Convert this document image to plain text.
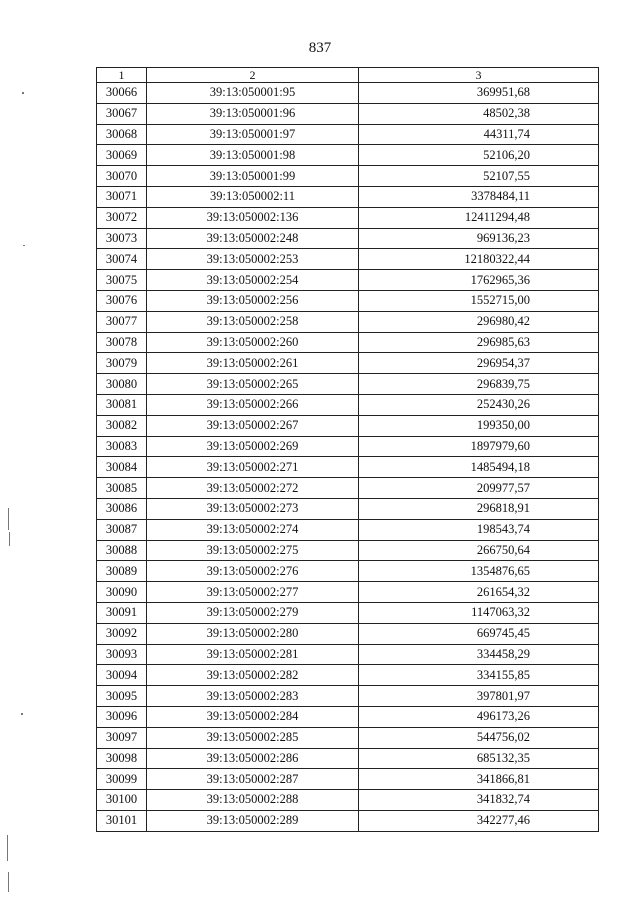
837
1	2	3
30066	39:13:050001:95	369951,68
30067	39:13:050001:96	48502,38
30068	39:13:050001:97	44311,74
30069	39:13:050001:98	52106,20
30070	39:13:050001:99	52107,55
30071	39:13:050002:11	3378484,11
30072	39:13:050002:136	12411294,48
30073	39:13:050002:248	969136,23
30074	39:13:050002:253	12180322,44
30075	39:13:050002:254	1762965,36
30076	39:13:050002:256	1552715,00
30077	39:13:050002:258	296980,42
30078	39:13:050002:260	296985,63
30079	39:13:050002:261	296954,37
30080	39:13:050002:265	296839,75
30081	39:13:050002:266	252430,26
30082	39:13:050002:267	199350,00
30083	39:13:050002:269	1897979,60
30084	39:13:050002:271	1485494,18
30085	39:13:050002:272	209977,57
30086	39:13:050002:273	296818,91
30087	39:13:050002:274	198543,74
30088	39:13:050002:275	266750,64
30089	39:13:050002:276	1354876,65
30090	39:13:050002:277	261654,32
30091	39:13:050002:279	1147063,32
30092	39:13:050002:280	669745,45
30093	39:13:050002:281	334458,29
30094	39:13:050002:282	334155,85
30095	39:13:050002:283	397801,97
30096	39:13:050002:284	496173,26
30097	39:13:050002:285	544756,02
30098	39:13:050002:286	685132,35
30099	39:13:050002:287	341866,81
30100	39:13:050002:288	341832,74
30101	39:13:050002:289	342277,46
